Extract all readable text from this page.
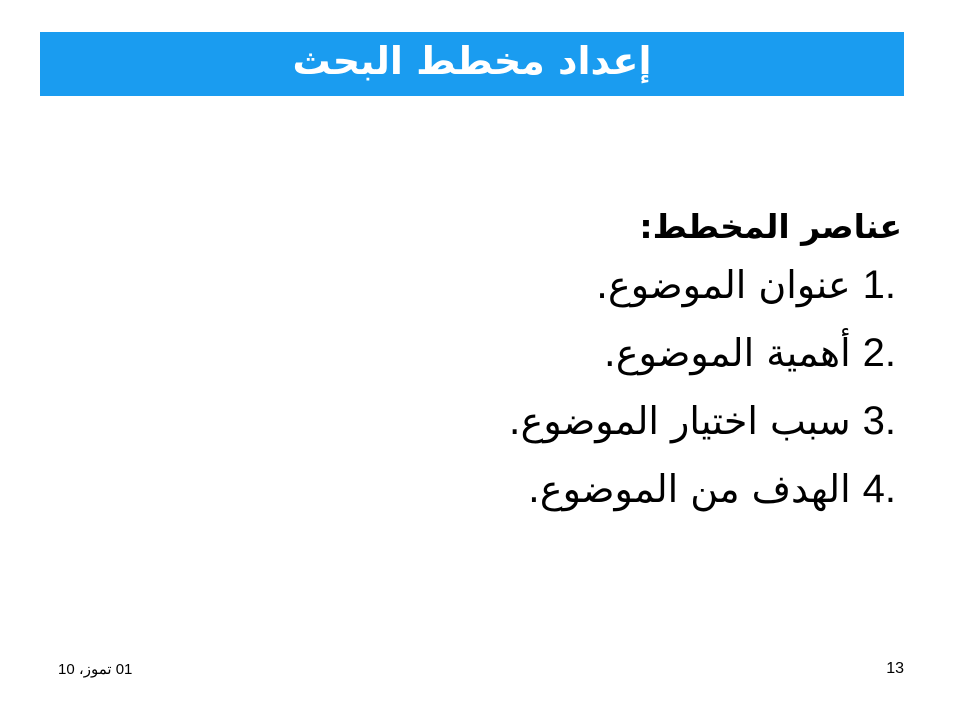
إعداد مخطط البحث
عناصر المخطط:
1.
عنوان الموضوع.
2.
أهمية الموضوع.
3.
سبب اختيار الموضوع.
4.
الهدف من الموضوع.
01 تموز، 10	13
